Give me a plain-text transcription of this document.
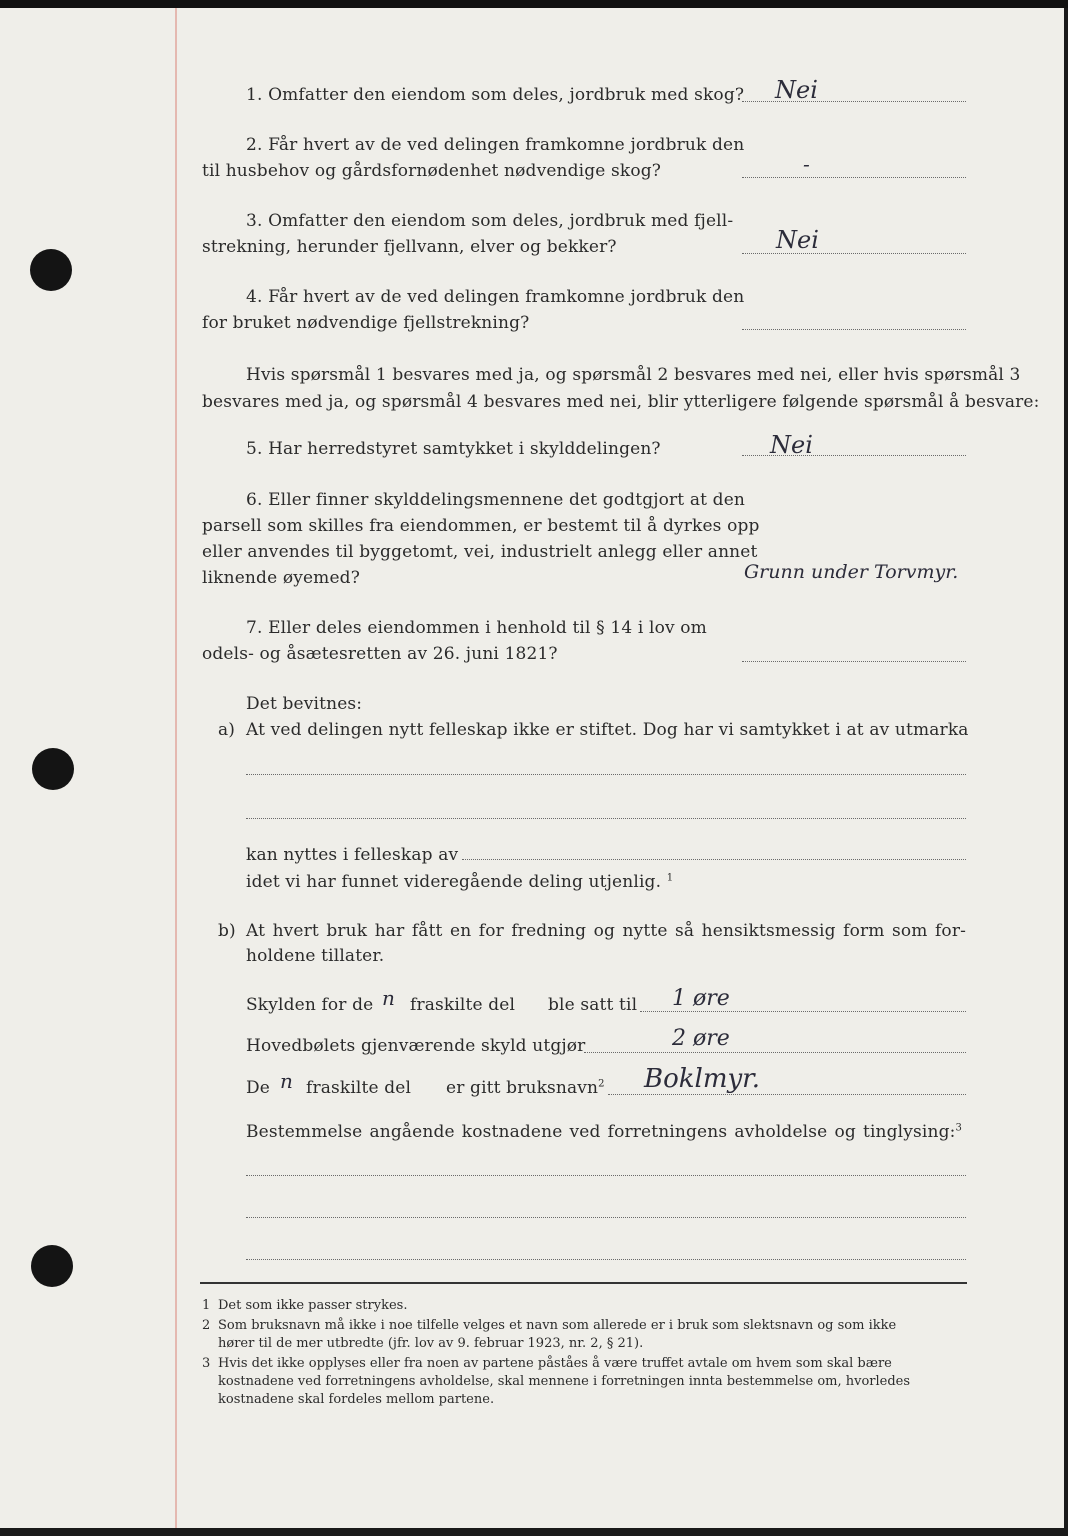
1. Omfatter den eiendom som deles, jordbruk med skog? Nei
2. Får hvert av de ved delingen framkomne jordbruk den
til husbehov og gårdsfornødenhet nødvendige skog?	-
3. Omfatter den eiendom som deles, jordbruk med fjell-
strekning, herunder fjellvann, elver og bekker?	Nei
4. Får hvert av de ved delingen framkomne jordbruk den
for bruket nødvendige fjellstrekning?
Hvis spørsmål 1 besvares med ja, og spørsmål 2 besvares med nei, eller hvis spørsmål 3
besvares med ja, og spørsmål 4 besvares med nei, blir ytterligere følgende spørsmål å besvare:
5. Har herredstyret samtykket i skylddelingen?	Nei
6. Eller finner skylddelingsmennene det godtgjort at den
parsell som skilles fra eiendommen, er bestemt til å dyrkes opp
eller anvendes til byggetomt, vei, industrielt anlegg eller annet
liknende øyemed?	Grunn under Torvmyr.
7. Eller deles eiendommen i henhold til § 14 i lov om
odels- og åsætesretten av 26. juni 1821?
Det bevitnes:
a) At ved delingen nytt felleskap ikke er stiftet. Dog har vi samtykket i at av utmarka
kan nyttes i felleskap av
idet vi har funnet videregående deling utjenlig. $^1$
b) At hvert bruk har fått en for fredning og nytte så hensiktsmessig form som for-
holdene tillater.
Skylden for de n fraskilte del ble satt til 1 øre
Hovedbølets gjenværende skyld utgjør	2 øre
De n fraskilte del er gitt bruksnavn$^2$ Boklmyr.
Bestemmelse angående kostnadene ved forretningens avholdelse og tinglysing:$^3$
1 Det som ikke passer strykes.
2 Som bruksnavn må ikke i noe tilfelle velges et navn som allerede er i bruk som slektsnavn og som ikke
hører til de mer utbredte (jfr. lov av 9. februar 1923, nr. 2, § 21).
3 Hvis det ikke opplyses eller fra noen av partene påståes å være truffet avtale om hvem som skal bære
kostnadene ved forretningens avholdelse, skal mennene i forretningen innta bestemmelse om, hvorledes
kostnadene skal fordeles mellom partene.
